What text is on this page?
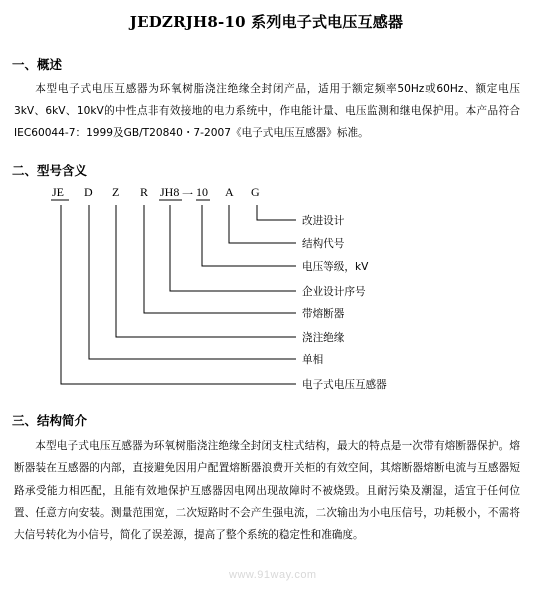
JEDZRJH8-10 系列电子式电压互感器
一、概述
本型电子式电压互感器为环氧树脂浇注绝缘全封闭产品，适用于额定频率50Hz或60Hz、额定电压3kV、6kV、10kV的中性点非有效接地的电力系统中，作电能计量、电压监测和继电保护用。本产品符合IEC60044-7：1999及GB/T20840・7-2007《电子式电压互感器》标准。
二、型号含义
JE D Z R JH8 一 10 A G
改进设计
结构代号
电压等级，kV
企业设计序号
带熔断器
浇注绝缘
单相
电子式电压互感器
三、结构简介
本型电子式电压互感器为环氧树脂浇注绝缘全封闭支柱式结构，最大的特点是一次带有熔断器保护。熔断器装在互感器的内部，直接避免因用户配置熔断器浪费开关柜的有效空间，其熔断器熔断电流与互感器短路承受能力相匹配，且能有效地保护互感器因电网出现故障时不被烧毁。且耐污染及潮湿，适宜于任何位置、任意方向安装。测量范围宽，二次短路时不会产生强电流，二次输出为小电压信号，功耗极小，不需将大信号转化为小信号，简化了误差源，提高了整个系统的稳定性和准确度。
www.91way.com
